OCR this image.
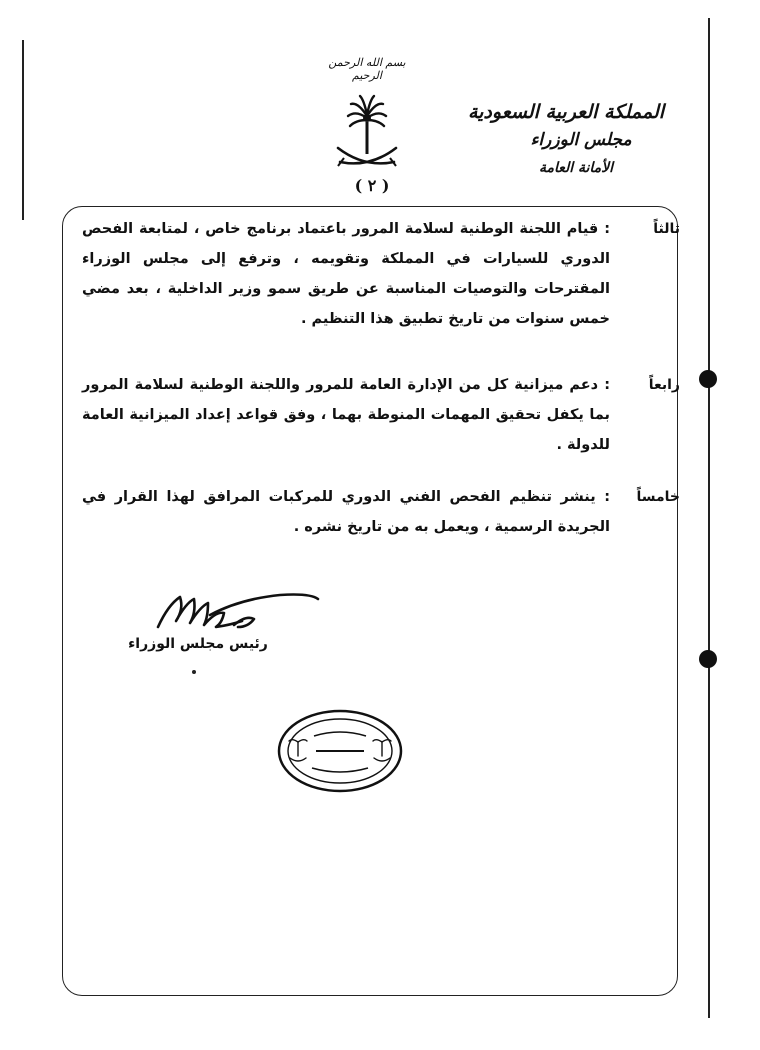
بسم الله الرحمن الرحيم
( ٢ )
المملكة العربية السعودية
مجلس الوزراء
الأمانة العامة
ثالثاً
: قيام اللجنة الوطنية لسلامة المرور باعتماد برنامج خاص ، لمتابعة الفحص الدوري للسيارات في المملكة وتقويمه ، وترفع إلى مجلس الوزراء المقترحات والتوصيات المناسبة عن طريق سمو وزير الداخلية ، بعد مضي خمس سنوات من تاريخ تطبيق هذا التنظيم .
رابعاً
: دعم ميزانية كل من الإدارة العامة للمرور واللجنة الوطنية لسلامة المرور بما يكفل تحقيق المهمات المنوطة بهما ، وفق قواعد إعداد الميزانية العامة للدولة .
خامساً
: ينشر تنظيم الفحص الفني الدوري للمركبات المرافق لهذا القرار في الجريدة الرسمية ، ويعمل به من تاريخ نشره .
رئيس مجلس الوزراء
